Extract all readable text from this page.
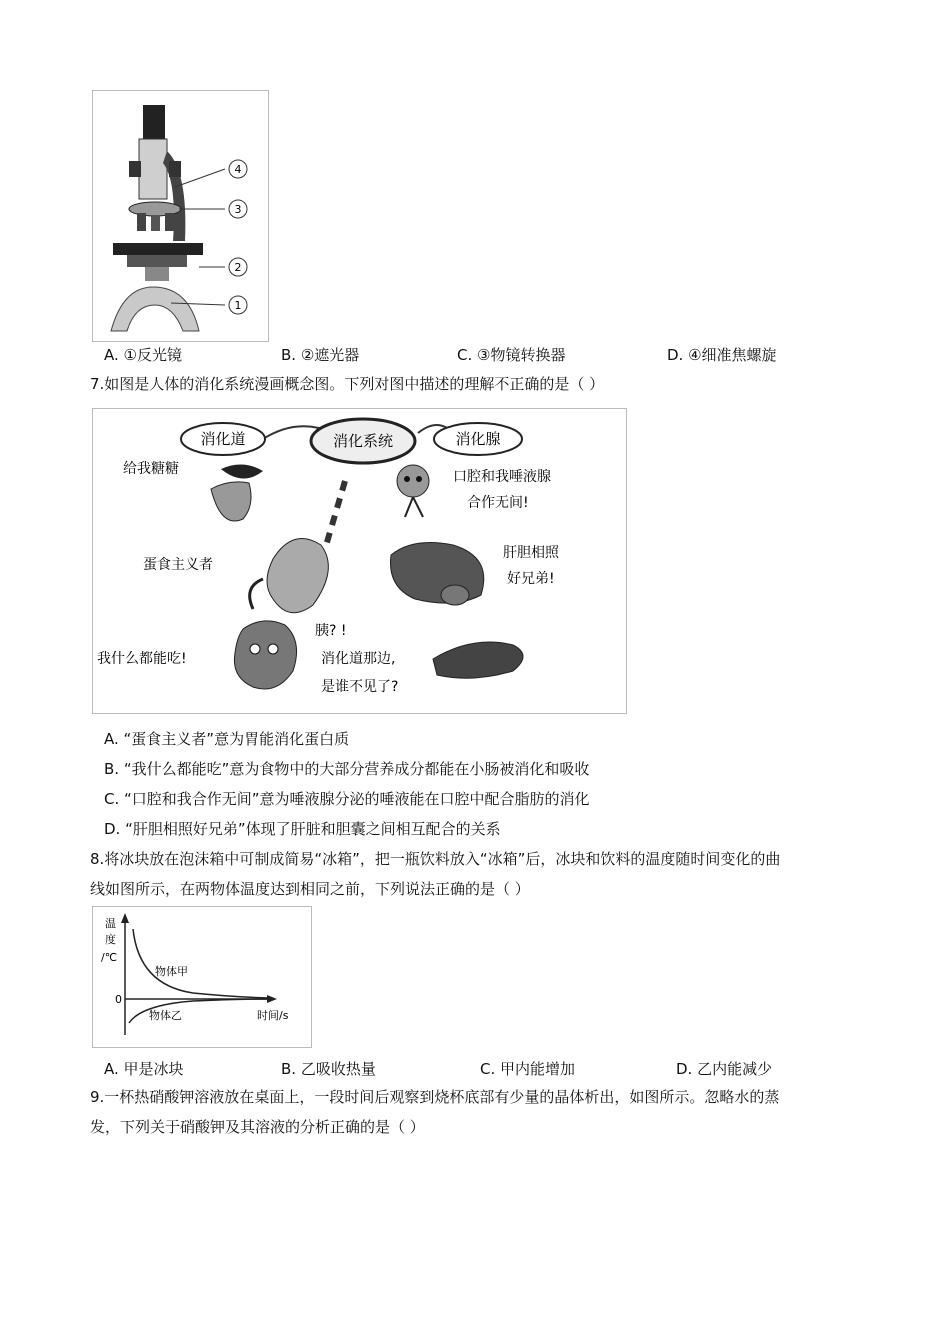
4
3
2
1
A. ①反光镜	B. ②遮光器	C. ③物镜转换器	D. ④细准焦螺旋
7.如图是人体的消化系统漫画概念图。下列对图中描述的理解不正确的是（ ）
消化道	消化系统	消化腺
给我糖糖	口腔和我唾液腺
合作无间!
蛋食主义者
肝胆相照
好兄弟!
我什么都能吃!
胰? !
消化道那边,
是谁不见了?
A. “蛋食主义者”意为胃能消化蛋白质
B. “我什么都能吃”意为食物中的大部分营养成分都能在小肠被消化和吸收
C. “口腔和我合作无间”意为唾液腺分泌的唾液能在口腔中配合脂肪的消化
D. “肝胆相照好兄弟”体现了肝脏和胆囊之间相互配合的关系
8.将冰块放在泡沫箱中可制成简易“冰箱”，把一瓶饮料放入“冰箱”后，冰块和饮料的温度随时间变化的曲
线如图所示，在两物体温度达到相同之前，下列说法正确的是（ ）
温
度
/℃
0
物体甲
物体乙	时间/s
A. 甲是冰块	B. 乙吸收热量	C. 甲内能增加	D. 乙内能减少
9.一杯热硝酸钾溶液放在桌面上，一段时间后观察到烧杯底部有少量的晶体析出，如图所示。忽略水的蒸
发，下列关于硝酸钾及其溶液的分析正确的是（ ）
